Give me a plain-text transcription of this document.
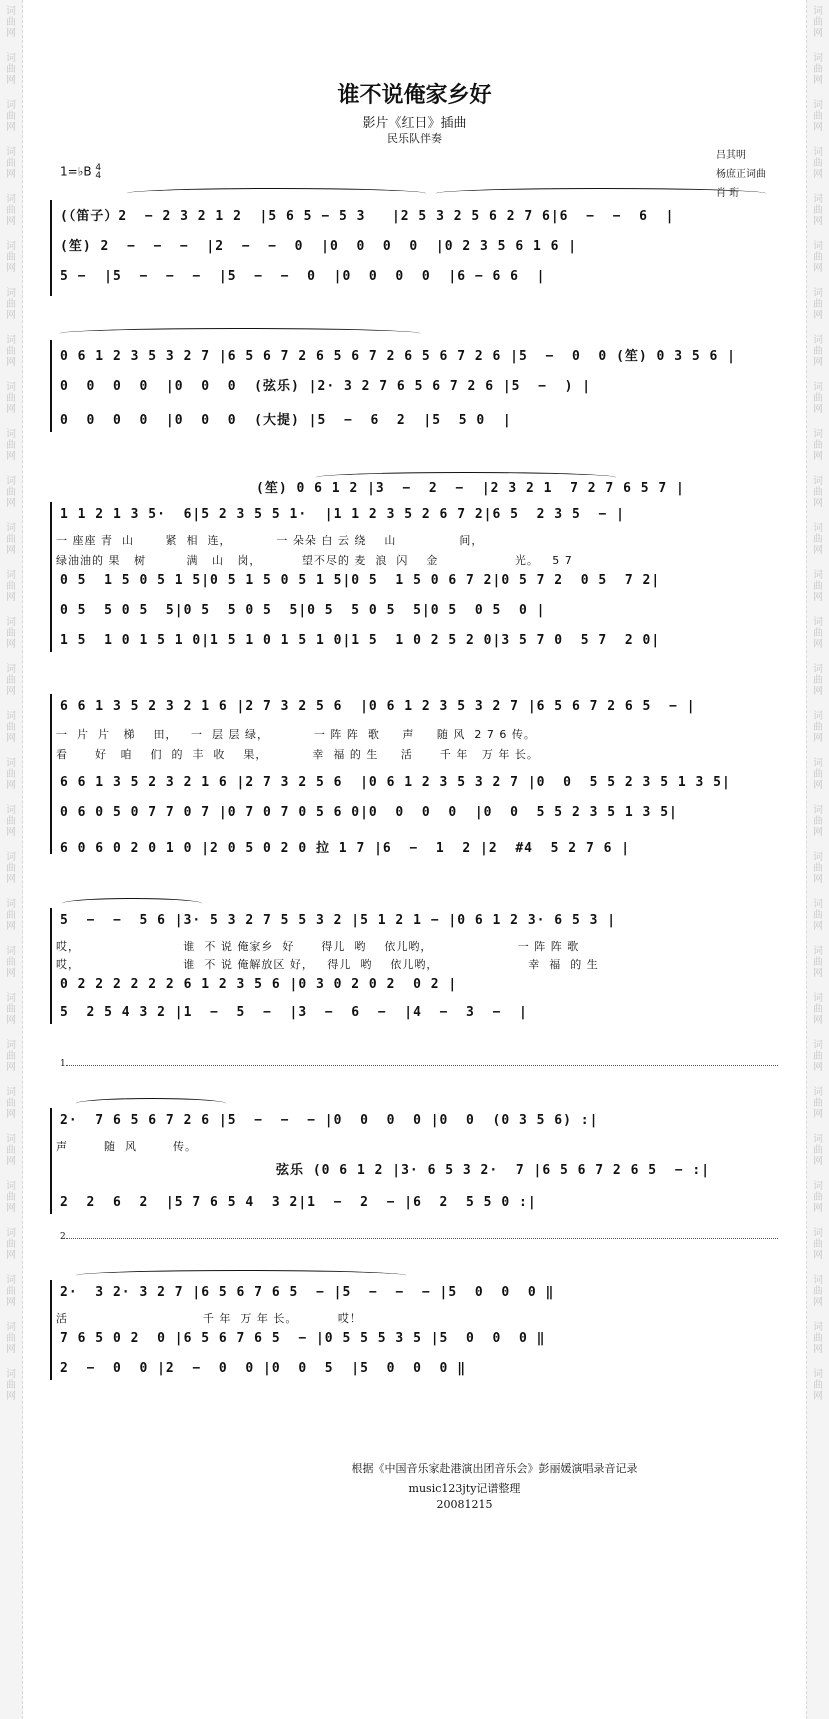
词
曲
网
词
曲
网
词
曲
网
词
曲
网
词
曲
网
词
曲
网
词
曲
网
词
曲
网
词
曲
网
词
曲
网
词
曲
网
词
曲
网
词
曲
网
词
曲
网
词
曲
网
词
曲
网
词
曲
网
词
曲
网
词
曲
网
词
曲
网
词
曲
网
词
曲
网
词
曲
网
词
曲
网
词
曲
网
词
曲
网
词
曲
网
词
曲
网
词
曲
网
词
曲
网
词
曲
网
词
曲
网
词
曲
网
词
曲
网
词
曲
网
词
曲
网
词
曲
网
词
曲
网
词
曲
网
词
曲
网
词
曲
网
词
曲
网
词
曲
网
词
曲
网
词
曲
网
词
曲
网
词
曲
网
词
曲
网
词
曲
网
词
曲
网
词
曲
网
词
曲
网
词
曲
网
词
曲
网
词
曲
网
词
曲
网
词
曲
网
词
曲
网
词
曲
网
词
曲
网
谁不说俺家乡好
影片《红日》插曲
民乐队伴奏
吕其明
杨庶正词曲
肖 珩
1=♭B 4
4
(（笛子）2  − 2 3 2 1 2  |5 6 5 − 5 3   |2 5 3 2 5 6 2 7 6|6  −  −  6  |
(笙) 2  −  −  −  |2  −  −  0  |0  0  0  0  |0 2 3 5 6 1 6 |
5 −  |5  −  −  −  |5  −  −  0  |0  0  0  0  |6 − 6 6  |
0 6 1 2 3 5 3 2 7 |6 5 6 7 2 6 5 6 7 2 6 5 6 7 2 6 |5  −  0  0 (笙) 0 3 5 6 |
0  0  0  0  |0  0  0  (弦乐) |2· 3 2 7 6 5 6 7 2 6 |5  −  ) |
0  0  0  0  |0  0  0  (大提) |5  −  6  2  |5  5 0  |
(笙) 0 6 1 2 |3  −  2  −  |2 3 2 1  7 2 7 6 5 7 |
1 1 2 1 3 5·  6|5 2 3 5 5 1·  |1 1 2 3 5 2 6 7 2|6 5  2 3 5  − |
一 座座 青  山       紧  相  连，          一 朵朵 白 云 绕    山              间，
绿油油的 果   树         满   山   岗，         望不尽的 麦  浪  闪    金                 光。   5 7
0 5  1 5 0 5 1 5|0 5 1 5 0 5 1 5|0 5  1 5 0 6 7 2|0 5 7 2  0 5  7 2|
0 5  5 0 5  5|0 5  5 0 5  5|0 5  5 0 5  5|0 5  0 5  0 |
1 5  1 0 1 5 1 0|1 5 1 0 1 5 1 0|1 5  1 0 2 5 2 0|3 5 7 0  5 7  2 0|
6 6 1 3 5 2 3 2 1 6 |2 7 3 2 5 6  |0 6 1 2 3 5 3 2 7 |6 5 6 7 2 6 5  − |
一  片  片   梯    田，   一  层 层 绿，          一 阵 阵  歌     声     随 风  2 7 6 传。
看      好   咱    们  的  丰  收    果，          幸  福 的 生     活      千 年   万 年 长。
6 6 1 3 5 2 3 2 1 6 |2 7 3 2 5 6  |0 6 1 2 3 5 3 2 7 |0  0  5 5 2 3 5 1 3 5|
0 6 0 5 0 7 7 0 7 |0 7 0 7 0 5 6 0|0  0  0  0  |0  0  5 5 2 3 5 1 3 5|
6 0 6 0 2 0 1 0 |2 0 5 0 2 0 拉 1 7 |6  −  1  2 |2  #4  5 2 7 6 |
5  −  −  5 6 |3· 5 3 2 7 5 5 3 2 |5 1 2 1 − |0 6 1 2 3· 6 5 3 |
哎，                       谁  不 说 俺家乡  好      得儿  哟    依儿哟，                   一 阵 阵 歌
哎，                       谁  不 说 俺解放区 好，   得儿  哟    依儿哟，                    幸  福  的 生
0 2 2 2 2 2 2 6 1 2 3 5 6 |0 3 0 2 0 2  0 2 |
5  2 5 4 3 2 |1  −  5  −  |3  −  6  −  |4  −  3  −  |
1
2·  7 6 5 6 7 2 6 |5  −  −  − |0  0  0  0 |0  0  (0 3 5 6) :|
声        随  风        传。
弦乐 (0 6 1 2 |3· 6 5 3 2·  7 |6 5 6 7 2 6 5  − :|
2  2  6  2  |5 7 6 5 4  3 2|1  −  2  − |6  2  5 5 0 :|
2
2·  3 2· 3 2 7 |6 5 6 7 6 5  − |5  −  −  − |5  0  0  0 ‖
活                              千 年  万 年 长。         哎！
7 6 5 0 2  0 |6 5 6 7 6 5  − |0 5 5 5 3 5 |5  0  0  0 ‖
2  −  0  0 |2  −  0  0 |0  0  5  |5  0  0  0 ‖
根据《中国音乐家赴港演出团音乐会》彭丽媛演唱录音记录
music123jty记谱整理
20081215
